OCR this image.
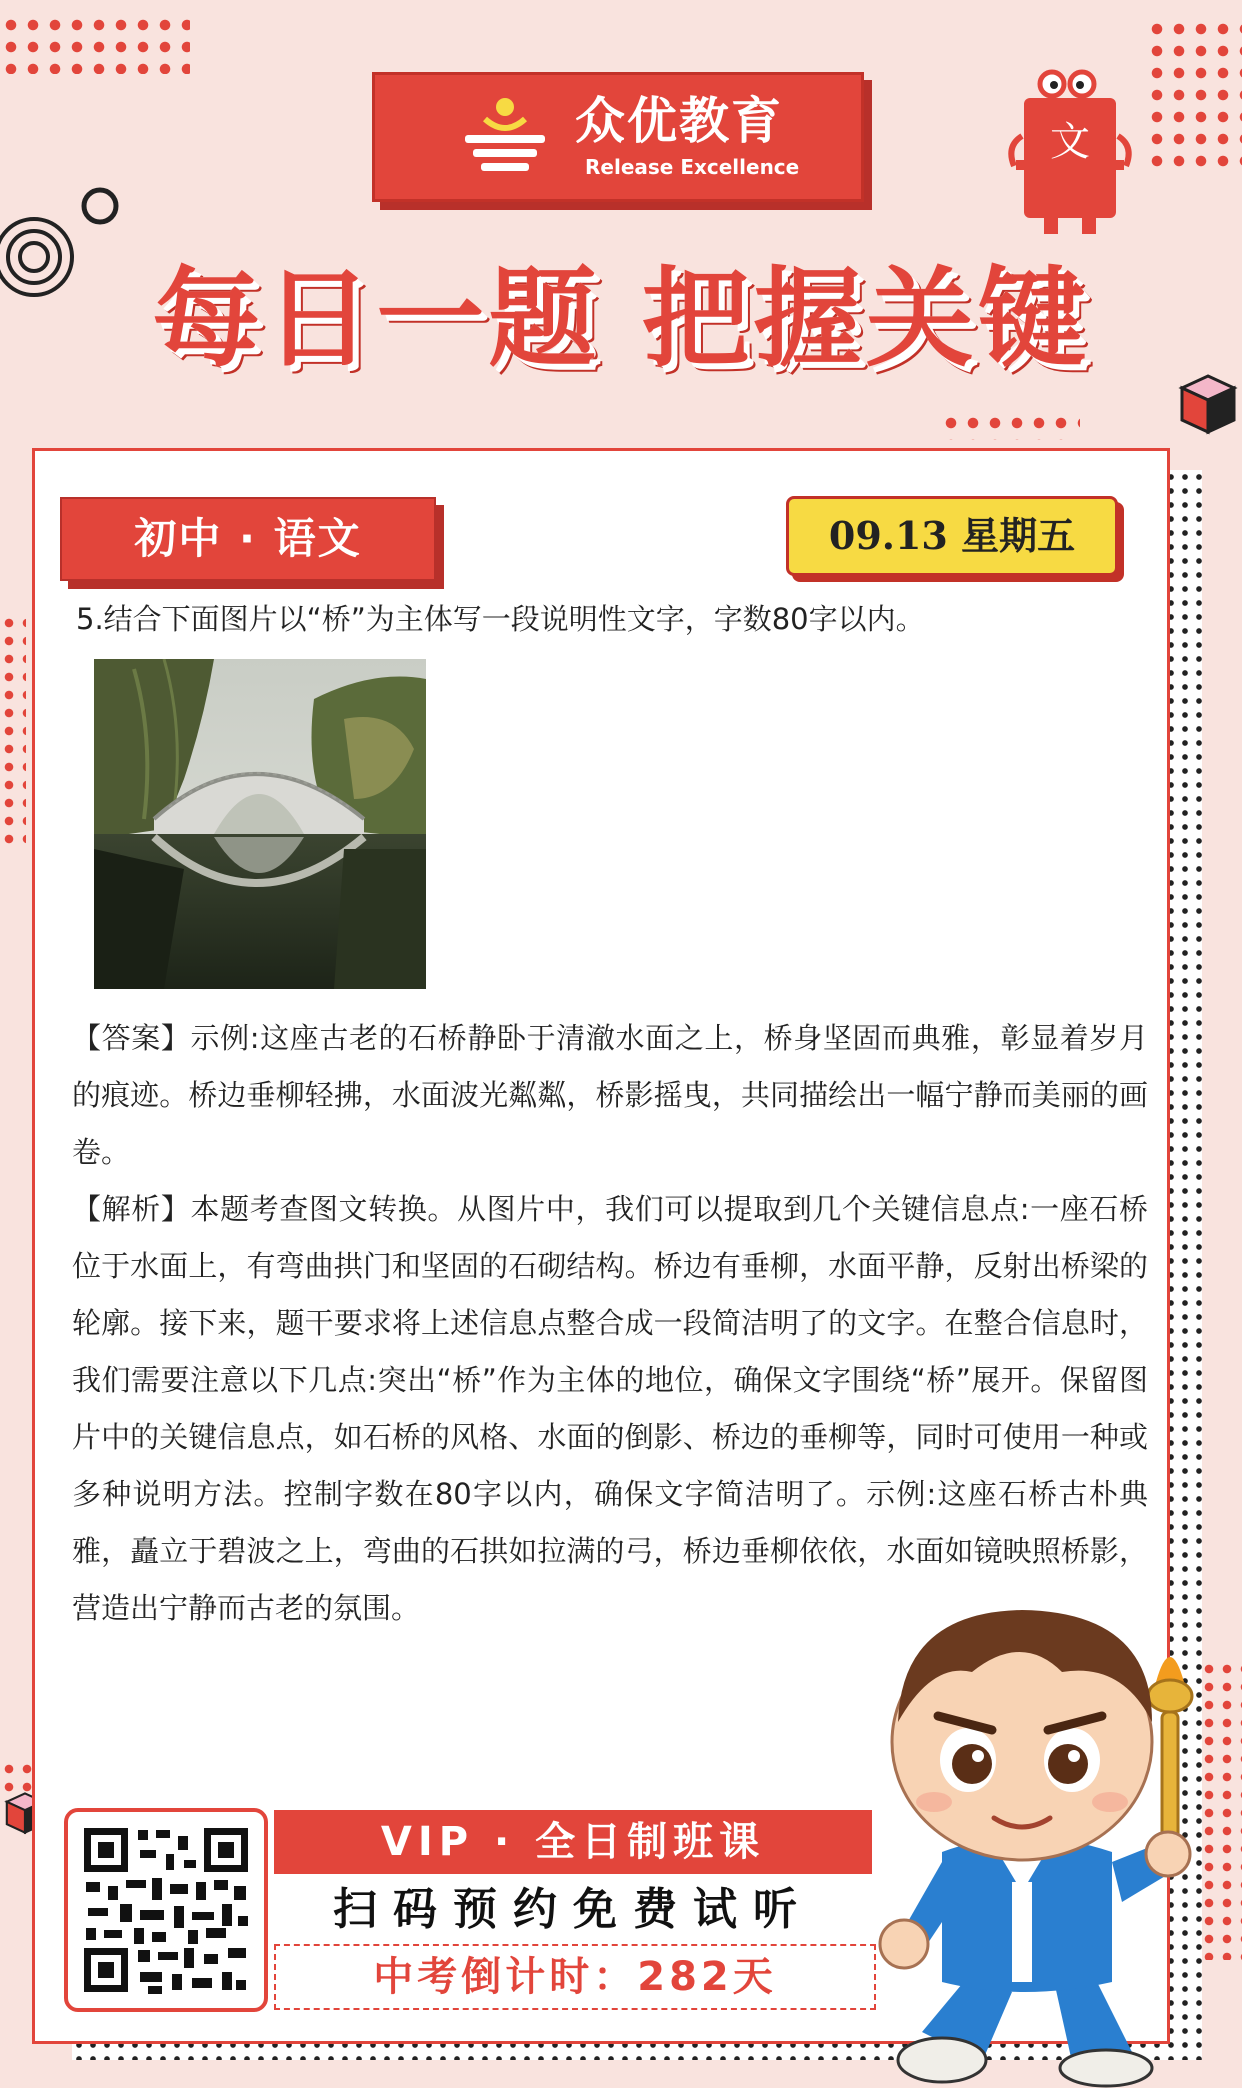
众优教育
Release Excellence
文
每日一题 把握关键
初中 · 语文	09.13 星期五
5.结合下面图片以“桥”为主体写一段说明性文字，字数80字以内。

【答案】示例:这座古老的石桥静卧于清澈水面之上，桥身坚固而典雅，彰显着岁月的痕迹。桥边垂柳轻拂，水面波光粼粼，桥影摇曳，共同描绘出一幅宁静而美丽的画卷。

【解析】本题考查图文转换。从图片中，我们可以提取到几个关键信息点:一座石桥位于水面上，有弯曲拱门和坚固的石砌结构。桥边有垂柳，水面平静，反射出桥梁的轮廓。接下来，题干要求将上述信息点整合成一段简洁明了的文字。在整合信息时，我们需要注意以下几点:突出“桥”作为主体的地位，确保文字围绕“桥”展开。保留图片中的关键信息点，如石桥的风格、水面的倒影、桥边的垂柳等，同时可使用一种或多种说明方法。控制字数在80字以内，确保文字简洁明了。示例:这座石桥古朴典雅，矗立于碧波之上，弯曲的石拱如拉满的弓，桥边垂柳依依，水面如镜映照桥影，营造出宁静而古老的氛围。

VIP · 全日制班课
扫码预约免费试听
中考倒计时：282天
